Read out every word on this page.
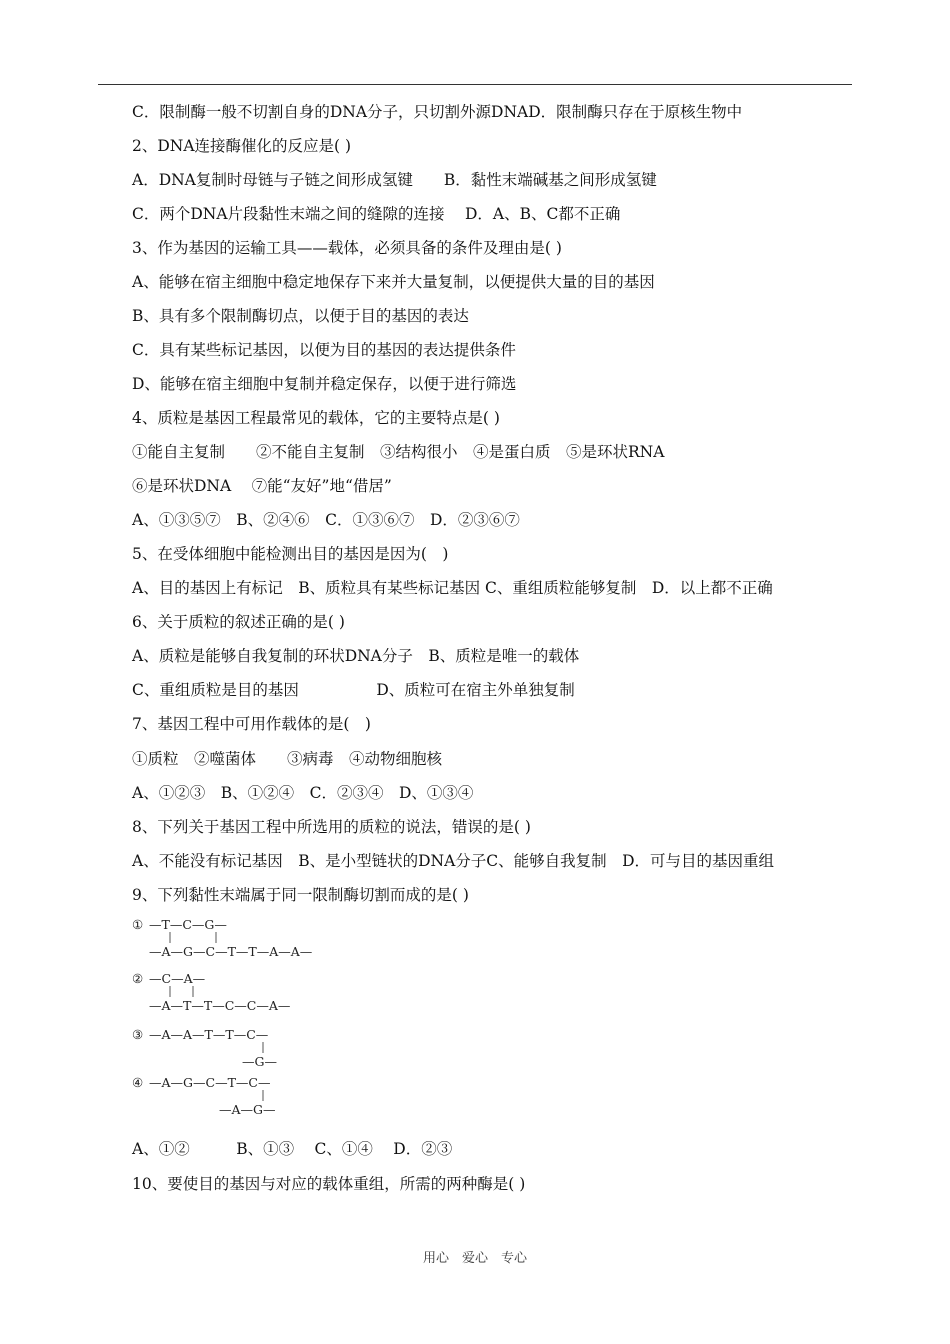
C．限制酶一般不切割自身的DNA分子，只切割外源DNAD．限制酶只存在于原核生物中
2、DNA连接酶催化的反应是( )
A．DNA复制时母链与子链之间形成氢键　　B．黏性末端碱基之间形成氢键
C．两个DNA片段黏性末端之间的缝隙的连接　 D．A、B、C都不正确
3、作为基因的运输工具——载体，必须具备的条件及理由是( )
A、能够在宿主细胞中稳定地保存下来并大量复制，以便提供大量的目的基因
B、具有多个限制酶切点，以便于目的基因的表达
C．具有某些标记基因，以便为目的基因的表达提供条件
D、能够在宿主细胞中复制并稳定保存，以便于进行筛选
4、质粒是基因工程最常见的载体，它的主要特点是( )
①能自主复制　　②不能自主复制　③结构很小　④是蛋白质　⑤是环状RNA
⑥是环状DNA　 ⑦能“友好”地“借居”
A、①③⑤⑦　B、②④⑥　C．①③⑥⑦　D．②③⑥⑦
5、在受体细胞中能检测出目的基因是因为(　)
A、目的基因上有标记　B、质粒具有某些标记基因 C、重组质粒能够复制　D．以上都不正确
6、关于质粒的叙述正确的是( )
A、质粒是能够自我复制的环状DNA分子　B、质粒是唯一的载体
C、重组质粒是目的基因　　　　　D、质粒可在宿主外单独复制
7、基因工程中可用作载体的是(　)
①质粒　②噬菌体　　③病毒　④动物细胞核
A、①②③　B、①②④　C．②③④　D、①③④
8、下列关于基因工程中所选用的质粒的说法，错误的是( )
A、不能没有标记基因　B、是小型链状的DNA分子C、能够自我复制　D．可与目的基因重组
9、下列黏性末端属于同一限制酶切割而成的是( )
① —T—C—G—
—A—G—C—T—T—A—A—
② —C—A—
—A—T—T—C—C—A—
③ —A—A—T—T—C—
—G—
④ —A—G—C—T—C—
—A—G—
A、①②　　　B、①③　 C、①④　 D．②③
10、要使目的基因与对应的载体重组，所需的两种酶是( )
用心　爱心　专心
